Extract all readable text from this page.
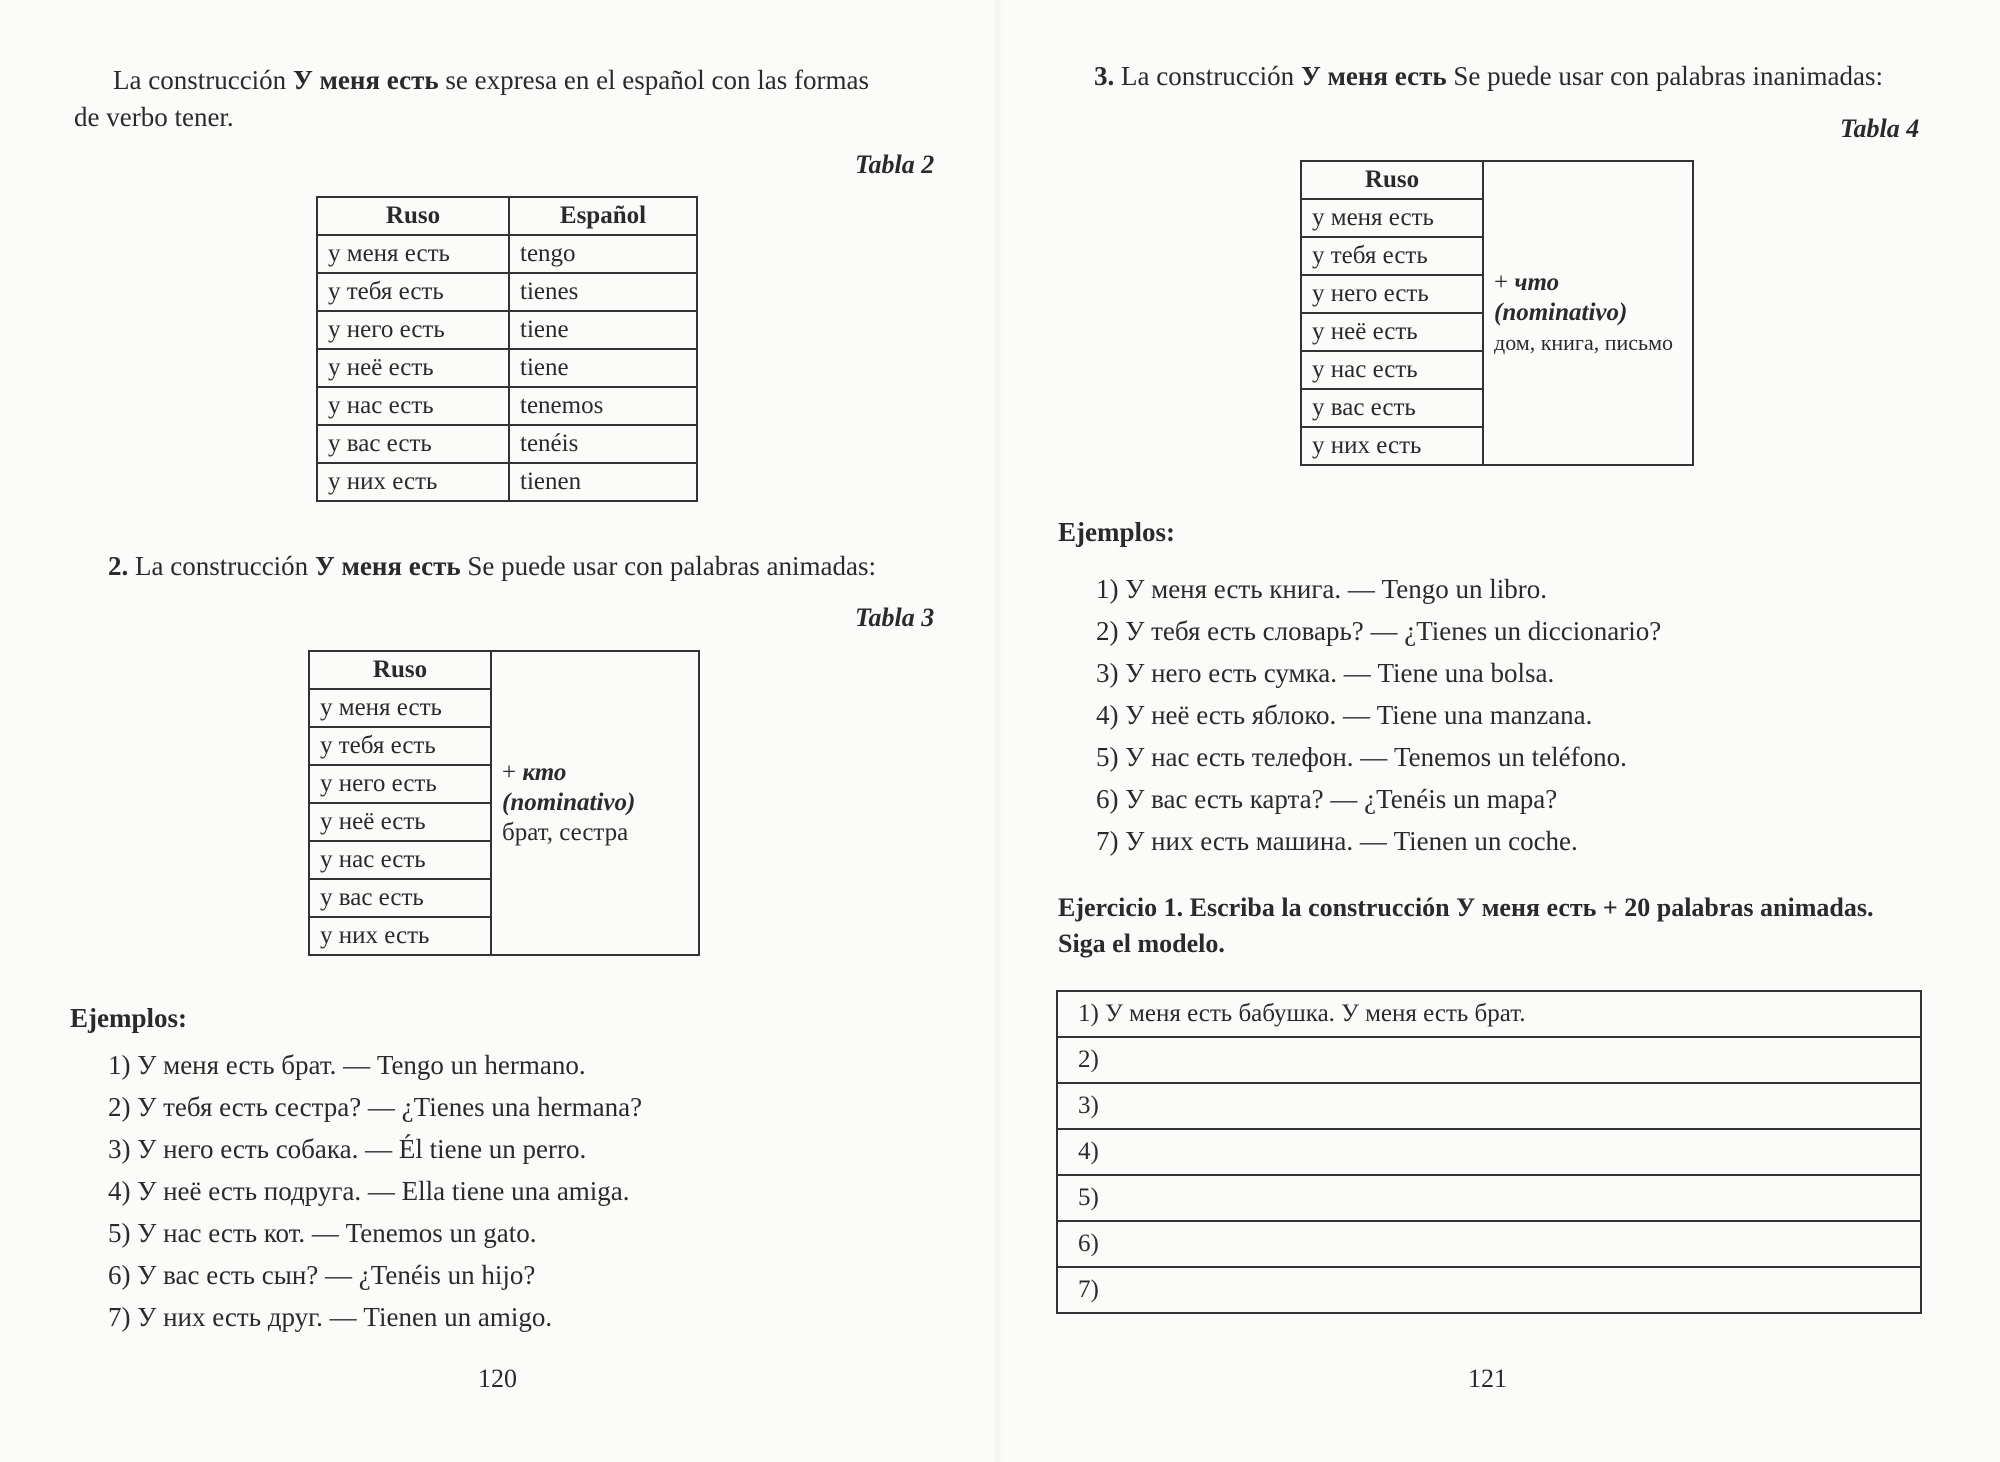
La construcción У меня есть se expresa en el español con las formas
de verbo tener.
Tabla 2
Ruso	Español
у меня есть	tengo
у тебя есть	tienes
у него есть	tiene
у неё есть	tiene
у нас есть	tenemos
у вас есть	tenéis
у них есть	tienen
2. La construcción У меня есть Se puede usar con palabras animadas:
Tabla 3
Ruso	+ кто (nominativo)
брат, сестра
у меня есть
у тебя есть
у него есть
у неё есть
у нас есть
у вас есть
у них есть
Ejemplos:
1) У меня есть брат. — Tengo un hermano.
2) У тебя есть сестра? — ¿Tienes una hermana?
3) У него есть собака. — Él tiene un perro.
4) У неё есть подруга. — Ella tiene una amiga.
5) У нас есть кот. — Tenemos un gato.
6) У вас есть сын? — ¿Tenéis un hijo?
7) У них есть друг. — Tienen un amigo.
120
3. La construcción У меня есть Se puede usar con palabras inanimadas:
Tabla 4
Ruso	+ что (nominativo)
дом, книга, письмо
у меня есть
у тебя есть
у него есть
у неё есть
у нас есть
у вас есть
у них есть
Ejemplos:
1) У меня есть книга. — Tengo un libro.
2) У тебя есть словарь? — ¿Tienes un diccionario?
3) У него есть сумка. — Tiene una bolsa.
4) У неё есть яблоко. — Tiene una manzana.
5) У нас есть телефон. — Tenemos un teléfono.
6) У вас есть карта? — ¿Tenéis un mapa?
7) У них есть машина. — Tienen un coche.
Ejercicio 1. Escriba la construcción У меня есть + 20 palabras animadas.
Siga el modelo.
1) У меня есть бабушка. У меня есть брат.
2)
3)
4)
5)
6)
7)
121
